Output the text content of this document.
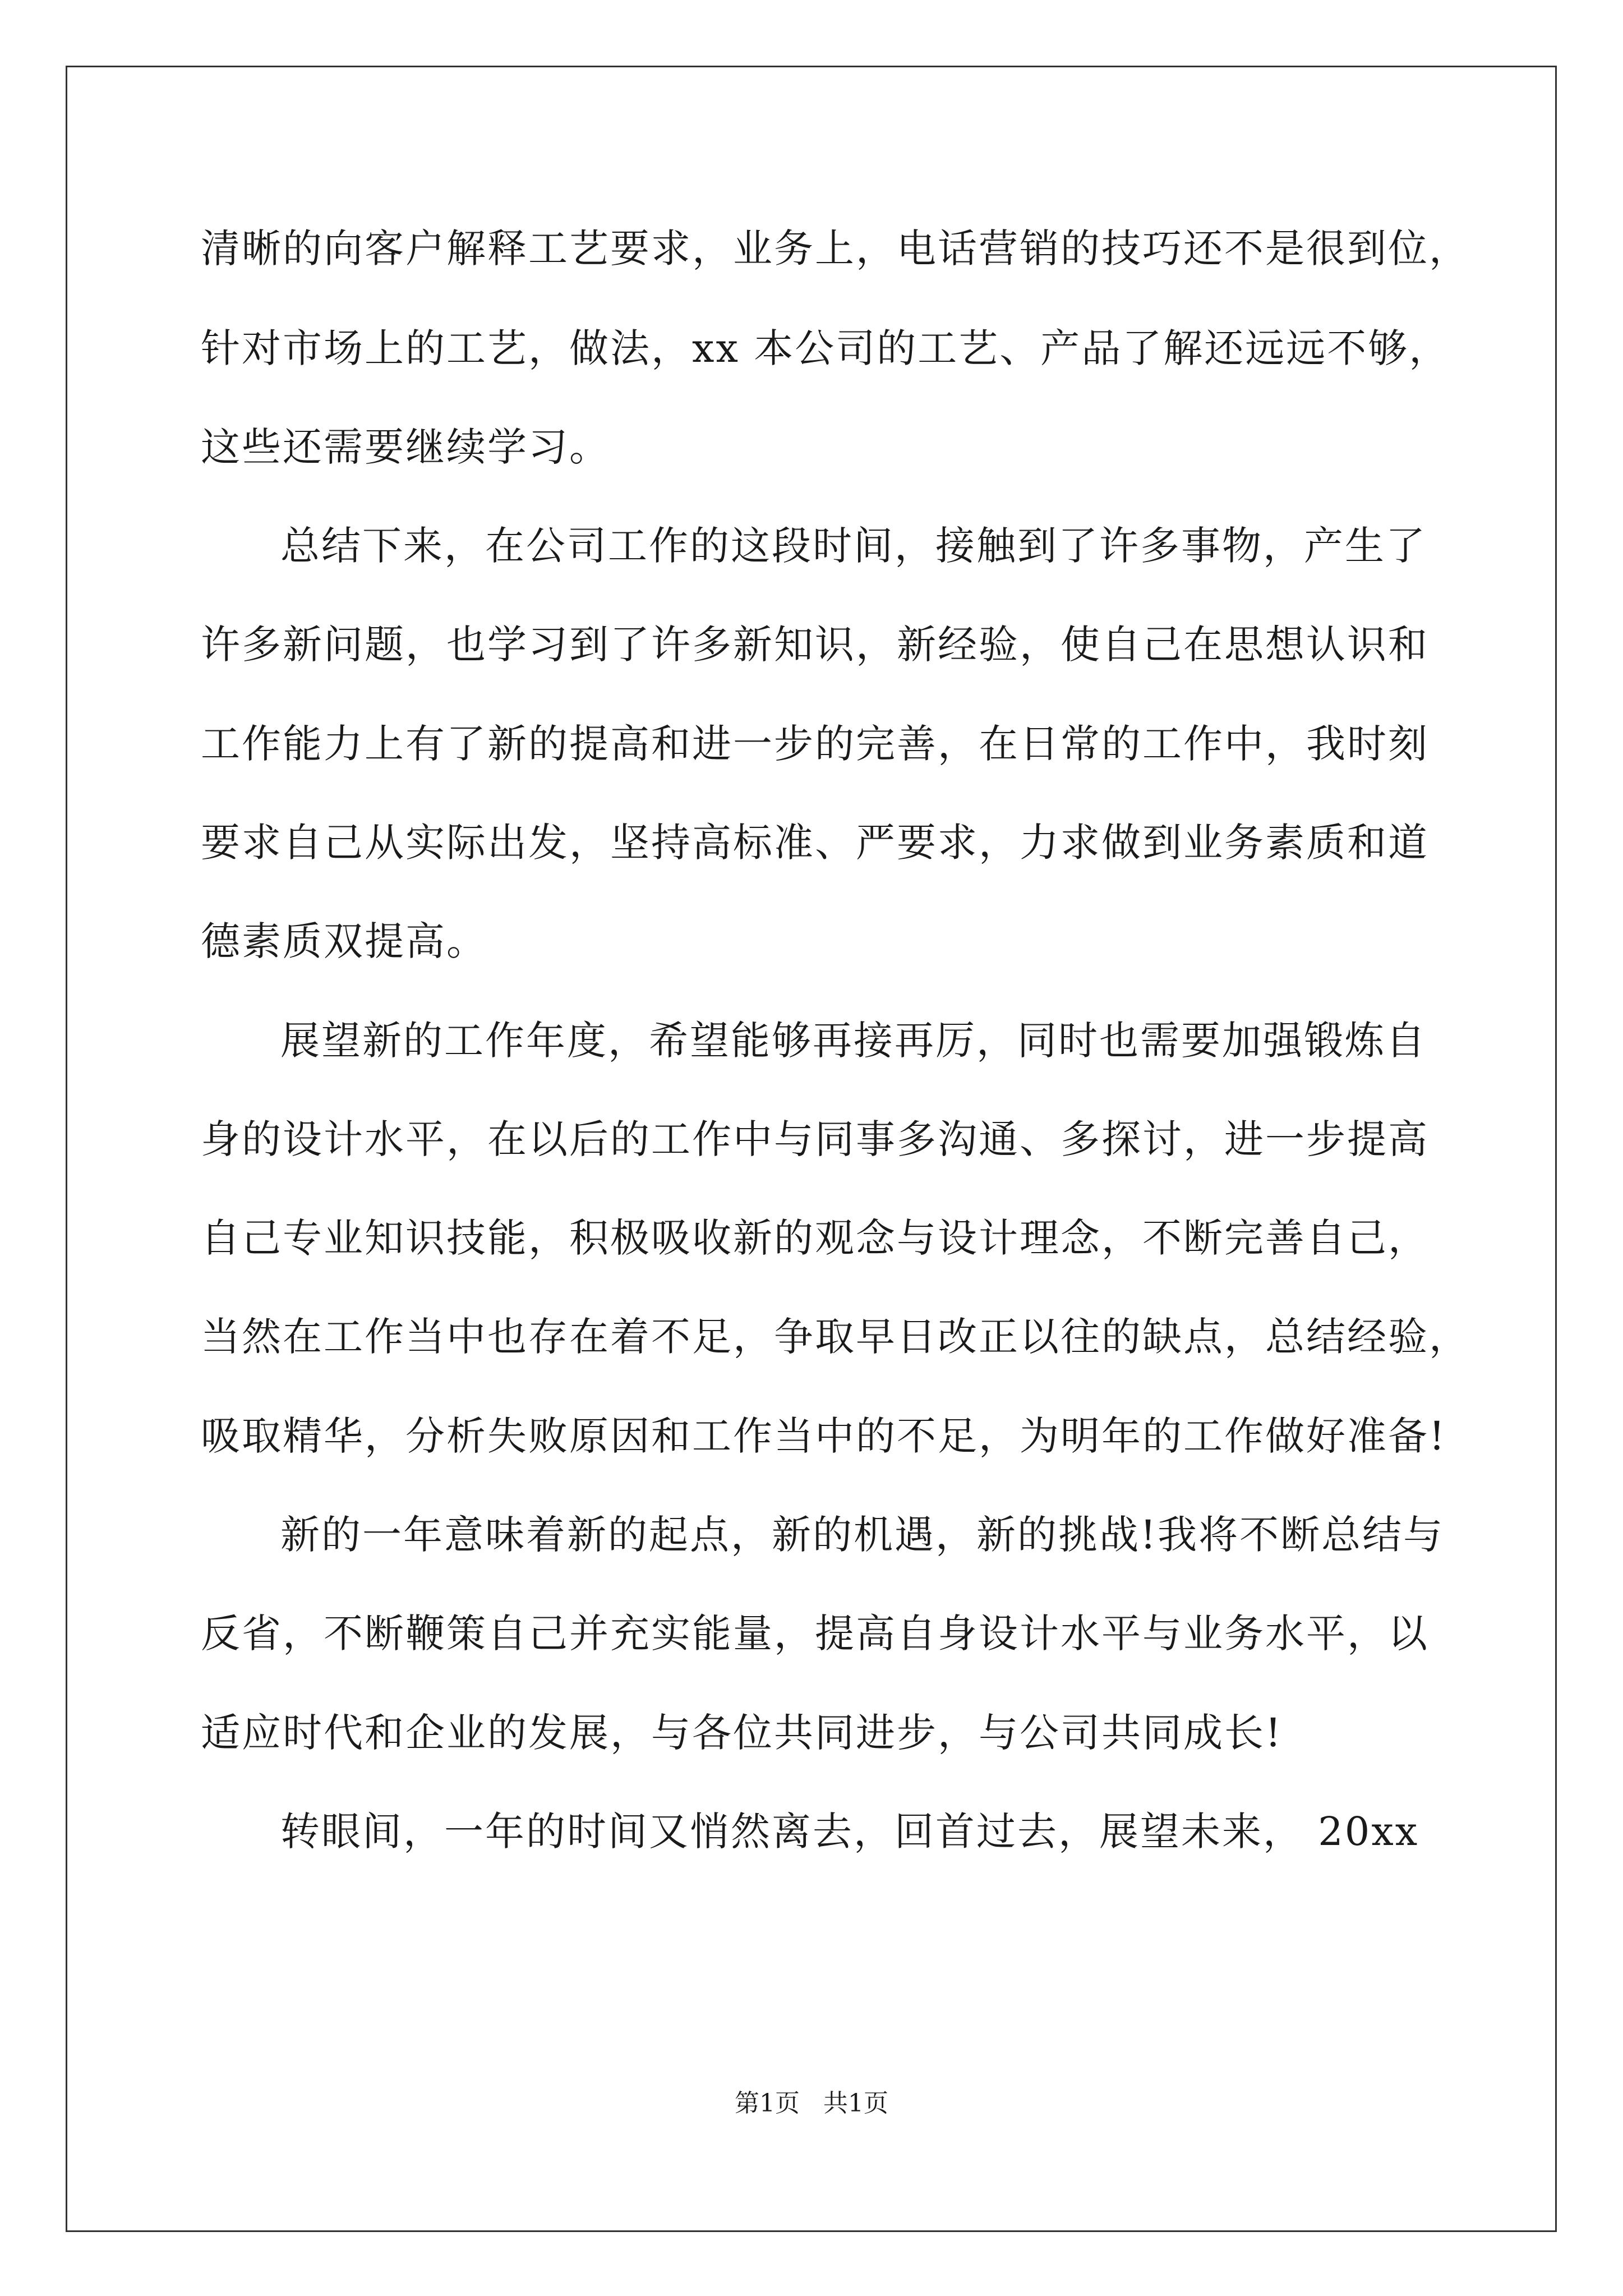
清晰的向客户解释工艺要求，业务上，电话营销的技巧还不是很到位，
针对市场上的工艺，做法，xx 本公司的工艺、产品了解还远远不够，
这些还需要继续学习。
总结下来，在公司工作的这段时间，接触到了许多事物，产生了
许多新问题，也学习到了许多新知识，新经验，使自己在思想认识和
工作能力上有了新的提高和进一步的完善，在日常的工作中，我时刻
要求自己从实际出发，坚持高标准、严要求，力求做到业务素质和道
德素质双提高。
展望新的工作年度，希望能够再接再厉，同时也需要加强锻炼自
身的设计水平，在以后的工作中与同事多沟通、多探讨，进一步提高
自己专业知识技能，积极吸收新的观念与设计理念，不断完善自己，
当然在工作当中也存在着不足，争取早日改正以往的缺点，总结经验，
吸取精华，分析失败原因和工作当中的不足，为明年的工作做好准备!
新的一年意味着新的起点，新的机遇，新的挑战!我将不断总结与
反省，不断鞭策自己并充实能量，提高自身设计水平与业务水平，以
适应时代和企业的发展，与各位共同进步，与公司共同成长!
转眼间，一年的时间又悄然离去，回首过去，展望未来， 20xx
第1页   共1页
